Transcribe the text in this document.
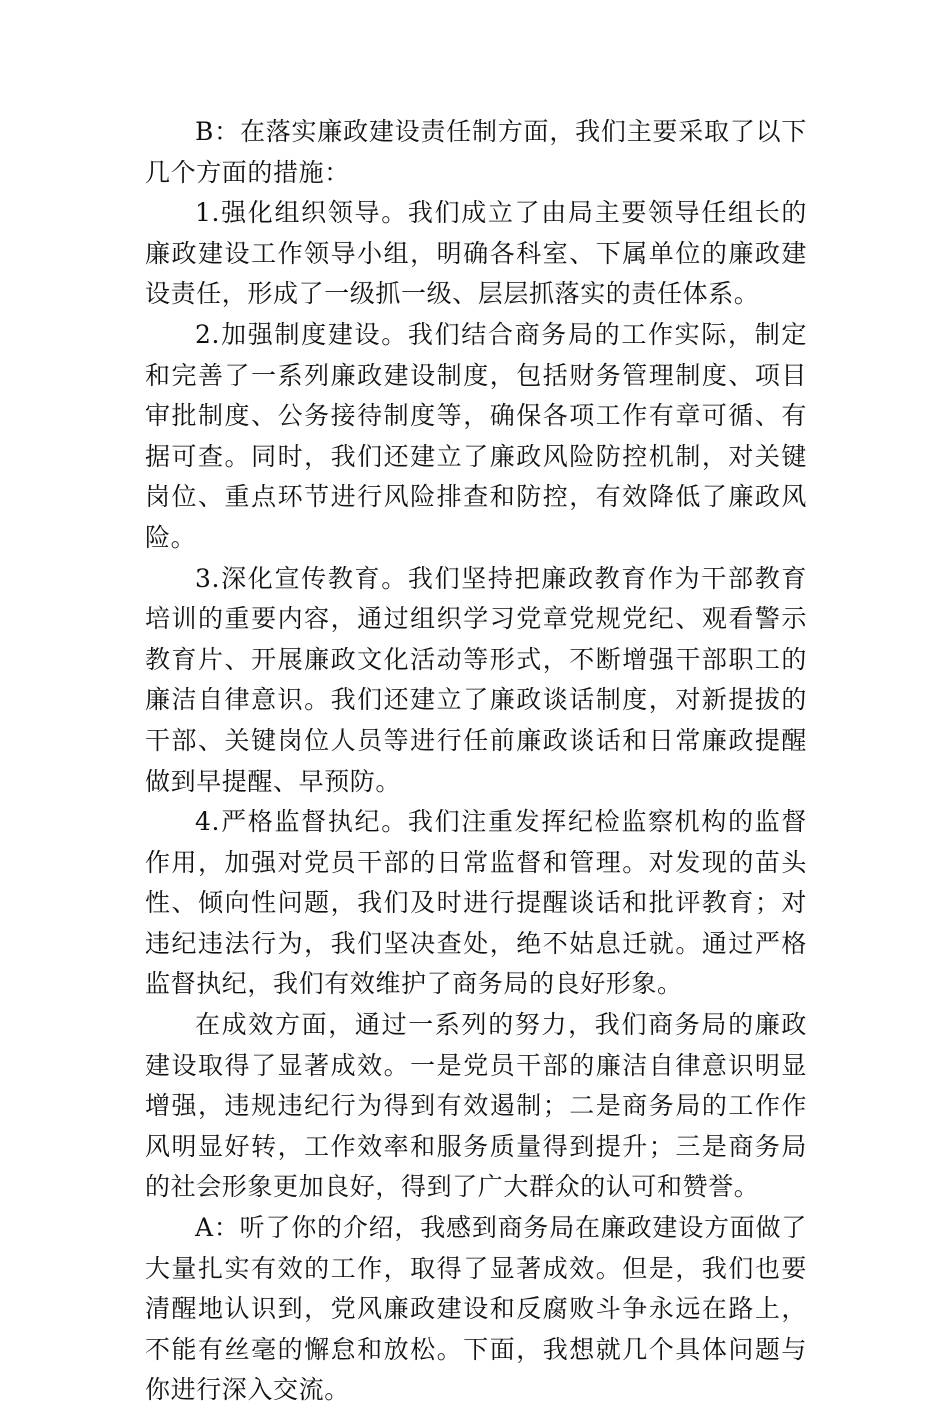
B：在落实廉政建设责任制方面，我们主要采取了以下几个方面的措施：

1.强化组织领导。我们成立了由局主要领导任组长的廉政建设工作领导小组，明确各科室、下属单位的廉政建设责任，形成了一级抓一级、层层抓落实的责任体系。

2.加强制度建设。我们结合商务局的工作实际，制定和完善了一系列廉政建设制度，包括财务管理制度、项目审批制度、公务接待制度等，确保各项工作有章可循、有据可查。同时，我们还建立了廉政风险防控机制，对关键岗位、重点环节进行风险排查和防控，有效降低了廉政风险。

3.深化宣传教育。我们坚持把廉政教育作为干部教育培训的重要内容，通过组织学习党章党规党纪、观看警示教育片、开展廉政文化活动等形式，不断增强干部职工的廉洁自律意识。我们还建立了廉政谈话制度，对新提拔的干部、关键岗位人员等进行任前廉政谈话和日常廉政提醒做到早提醒、早预防。

4.严格监督执纪。我们注重发挥纪检监察机构的监督作用，加强对党员干部的日常监督和管理。对发现的苗头性、倾向性问题，我们及时进行提醒谈话和批评教育；对违纪违法行为，我们坚决查处，绝不姑息迁就。通过严格监督执纪，我们有效维护了商务局的良好形象。

在成效方面，通过一系列的努力，我们商务局的廉政建设取得了显著成效。一是党员干部的廉洁自律意识明显增强，违规违纪行为得到有效遏制；二是商务局的工作作风明显好转，工作效率和服务质量得到提升；三是商务局的社会形象更加良好，得到了广大群众的认可和赞誉。

A：听了你的介绍，我感到商务局在廉政建设方面做了大量扎实有效的工作，取得了显著成效。但是，我们也要清醒地认识到，党风廉政建设和反腐败斗争永远在路上，不能有丝毫的懈怠和放松。下面，我想就几个具体问题与你进行深入交流。
